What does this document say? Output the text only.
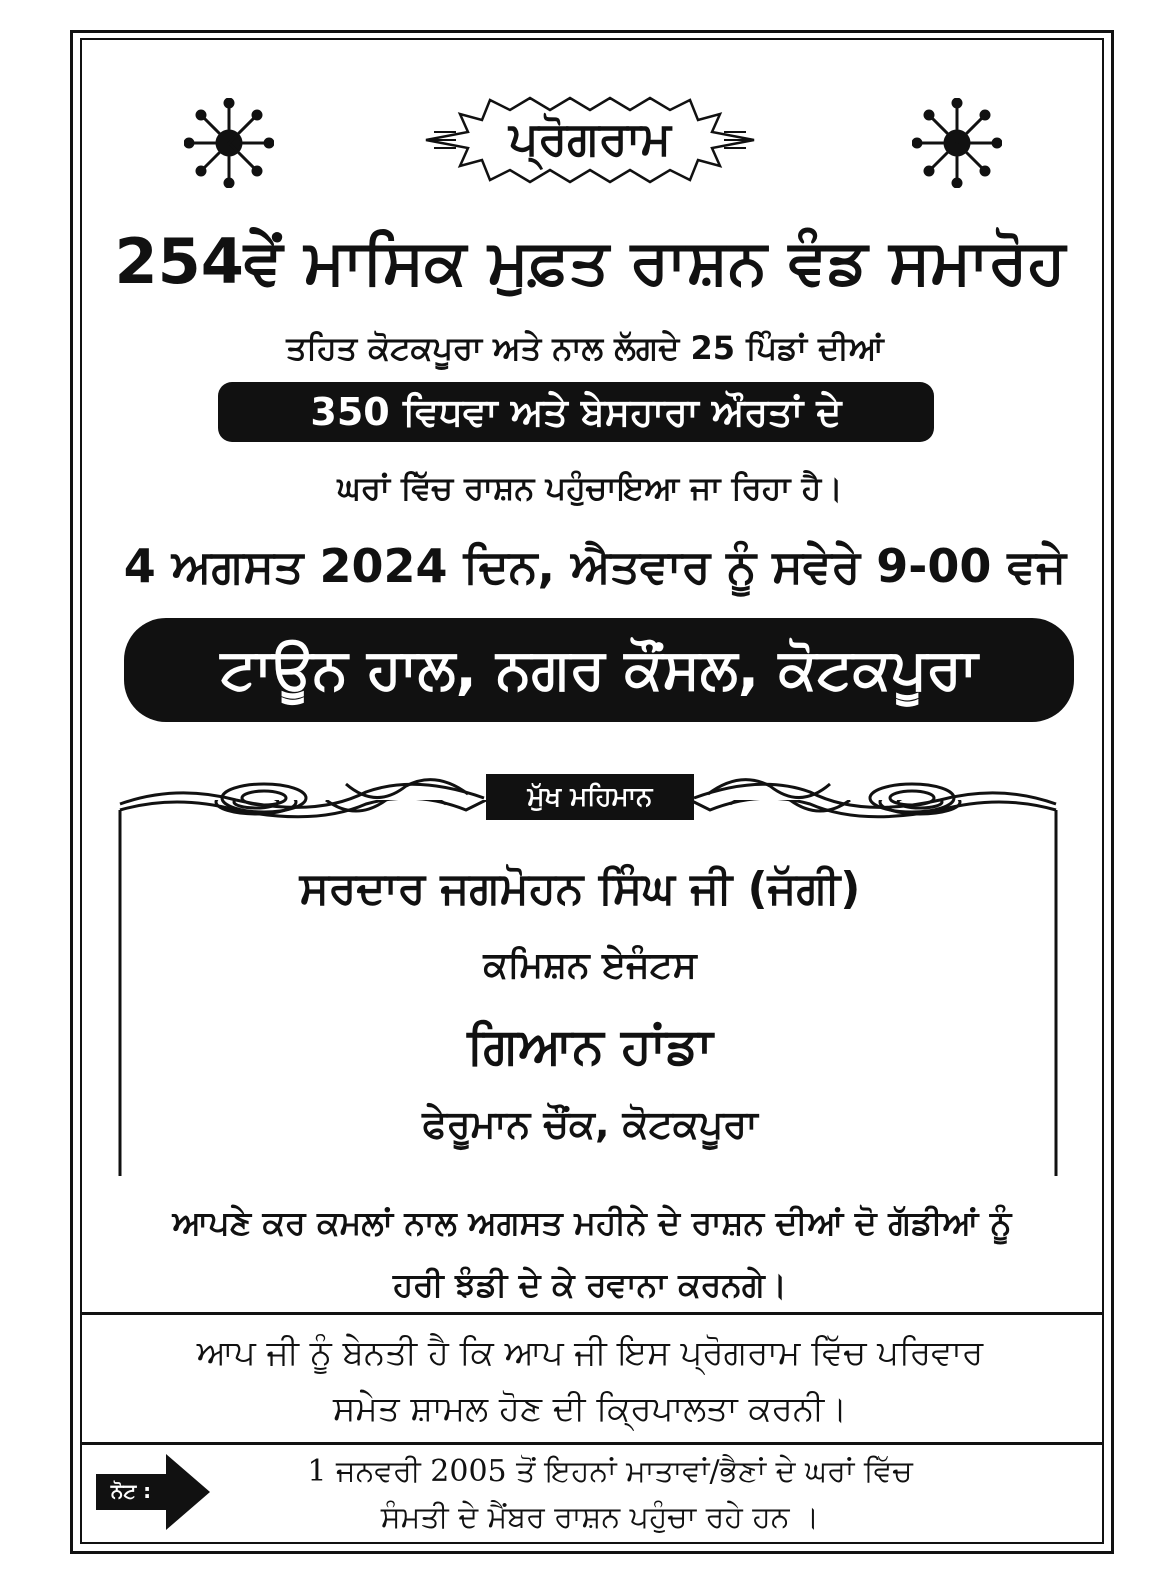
ਪ੍ਰੋਗਰਾਮ
254ਵੇਂ ਮਾਸਿਕ ਮੁਫ਼ਤ ਰਾਸ਼ਨ ਵੰਡ ਸਮਾਰੋਹ
ਤਹਿਤ ਕੋਟਕਪੂਰਾ ਅਤੇ ਨਾਲ ਲੱਗਦੇ 25 ਪਿੰਡਾਂ ਦੀਆਂ
350 ਵਿਧਵਾ ਅਤੇ ਬੇਸਹਾਰਾ ਔਰਤਾਂ ਦੇ
ਘਰਾਂ ਵਿੱਚ ਰਾਸ਼ਨ ਪਹੁੰਚਾਇਆ ਜਾ ਰਿਹਾ ਹੈ।
4 ਅਗਸਤ 2024 ਦਿਨ, ਐਤਵਾਰ ਨੂੰ ਸਵੇਰੇ 9-00 ਵਜੇ
ਟਾਊਨ ਹਾਲ, ਨਗਰ ਕੌਂਸਲ, ਕੋਟਕਪੂਰਾ
ਮੁੱਖ ਮਹਿਮਾਨ
ਸਰਦਾਰ ਜਗਮੋਹਨ ਸਿੰਘ ਜੀ (ਜੱਗੀ)
ਕਮਿਸ਼ਨ ਏਜੰਟਸ
ਗਿਆਨ ਹਾਂਡਾ
ਫੇਰੂਮਾਨ ਚੌਂਕ, ਕੋਟਕਪੂਰਾ
ਆਪਣੇ ਕਰ ਕਮਲਾਂ ਨਾਲ ਅਗਸਤ ਮਹੀਨੇ ਦੇ ਰਾਸ਼ਨ ਦੀਆਂ ਦੋ ਗੱਡੀਆਂ ਨੂੰ
ਹਰੀ ਝੰਡੀ ਦੇ ਕੇ ਰਵਾਨਾ ਕਰਨਗੇ।
ਆਪ ਜੀ ਨੂੰ ਬੇਨਤੀ ਹੈ ਕਿ ਆਪ ਜੀ ਇਸ ਪ੍ਰੋਗਰਾਮ ਵਿੱਚ ਪਰਿਵਾਰ
ਸਮੇਤ ਸ਼ਾਮਲ ਹੋਣ ਦੀ ਕ੍ਰਿਪਾਲਤਾ ਕਰਨੀ।
ਨੋਟ :
1 ਜਨਵਰੀ 2005 ਤੋਂ ਇਹਨਾਂ ਮਾਤਾਵਾਂ/ਭੈਣਾਂ ਦੇ ਘਰਾਂ ਵਿੱਚ
ਸੰਮਤੀ ਦੇ ਮੈਂਬਰ ਰਾਸ਼ਨ ਪਹੁੰਚਾ ਰਹੇ ਹਨ ।
